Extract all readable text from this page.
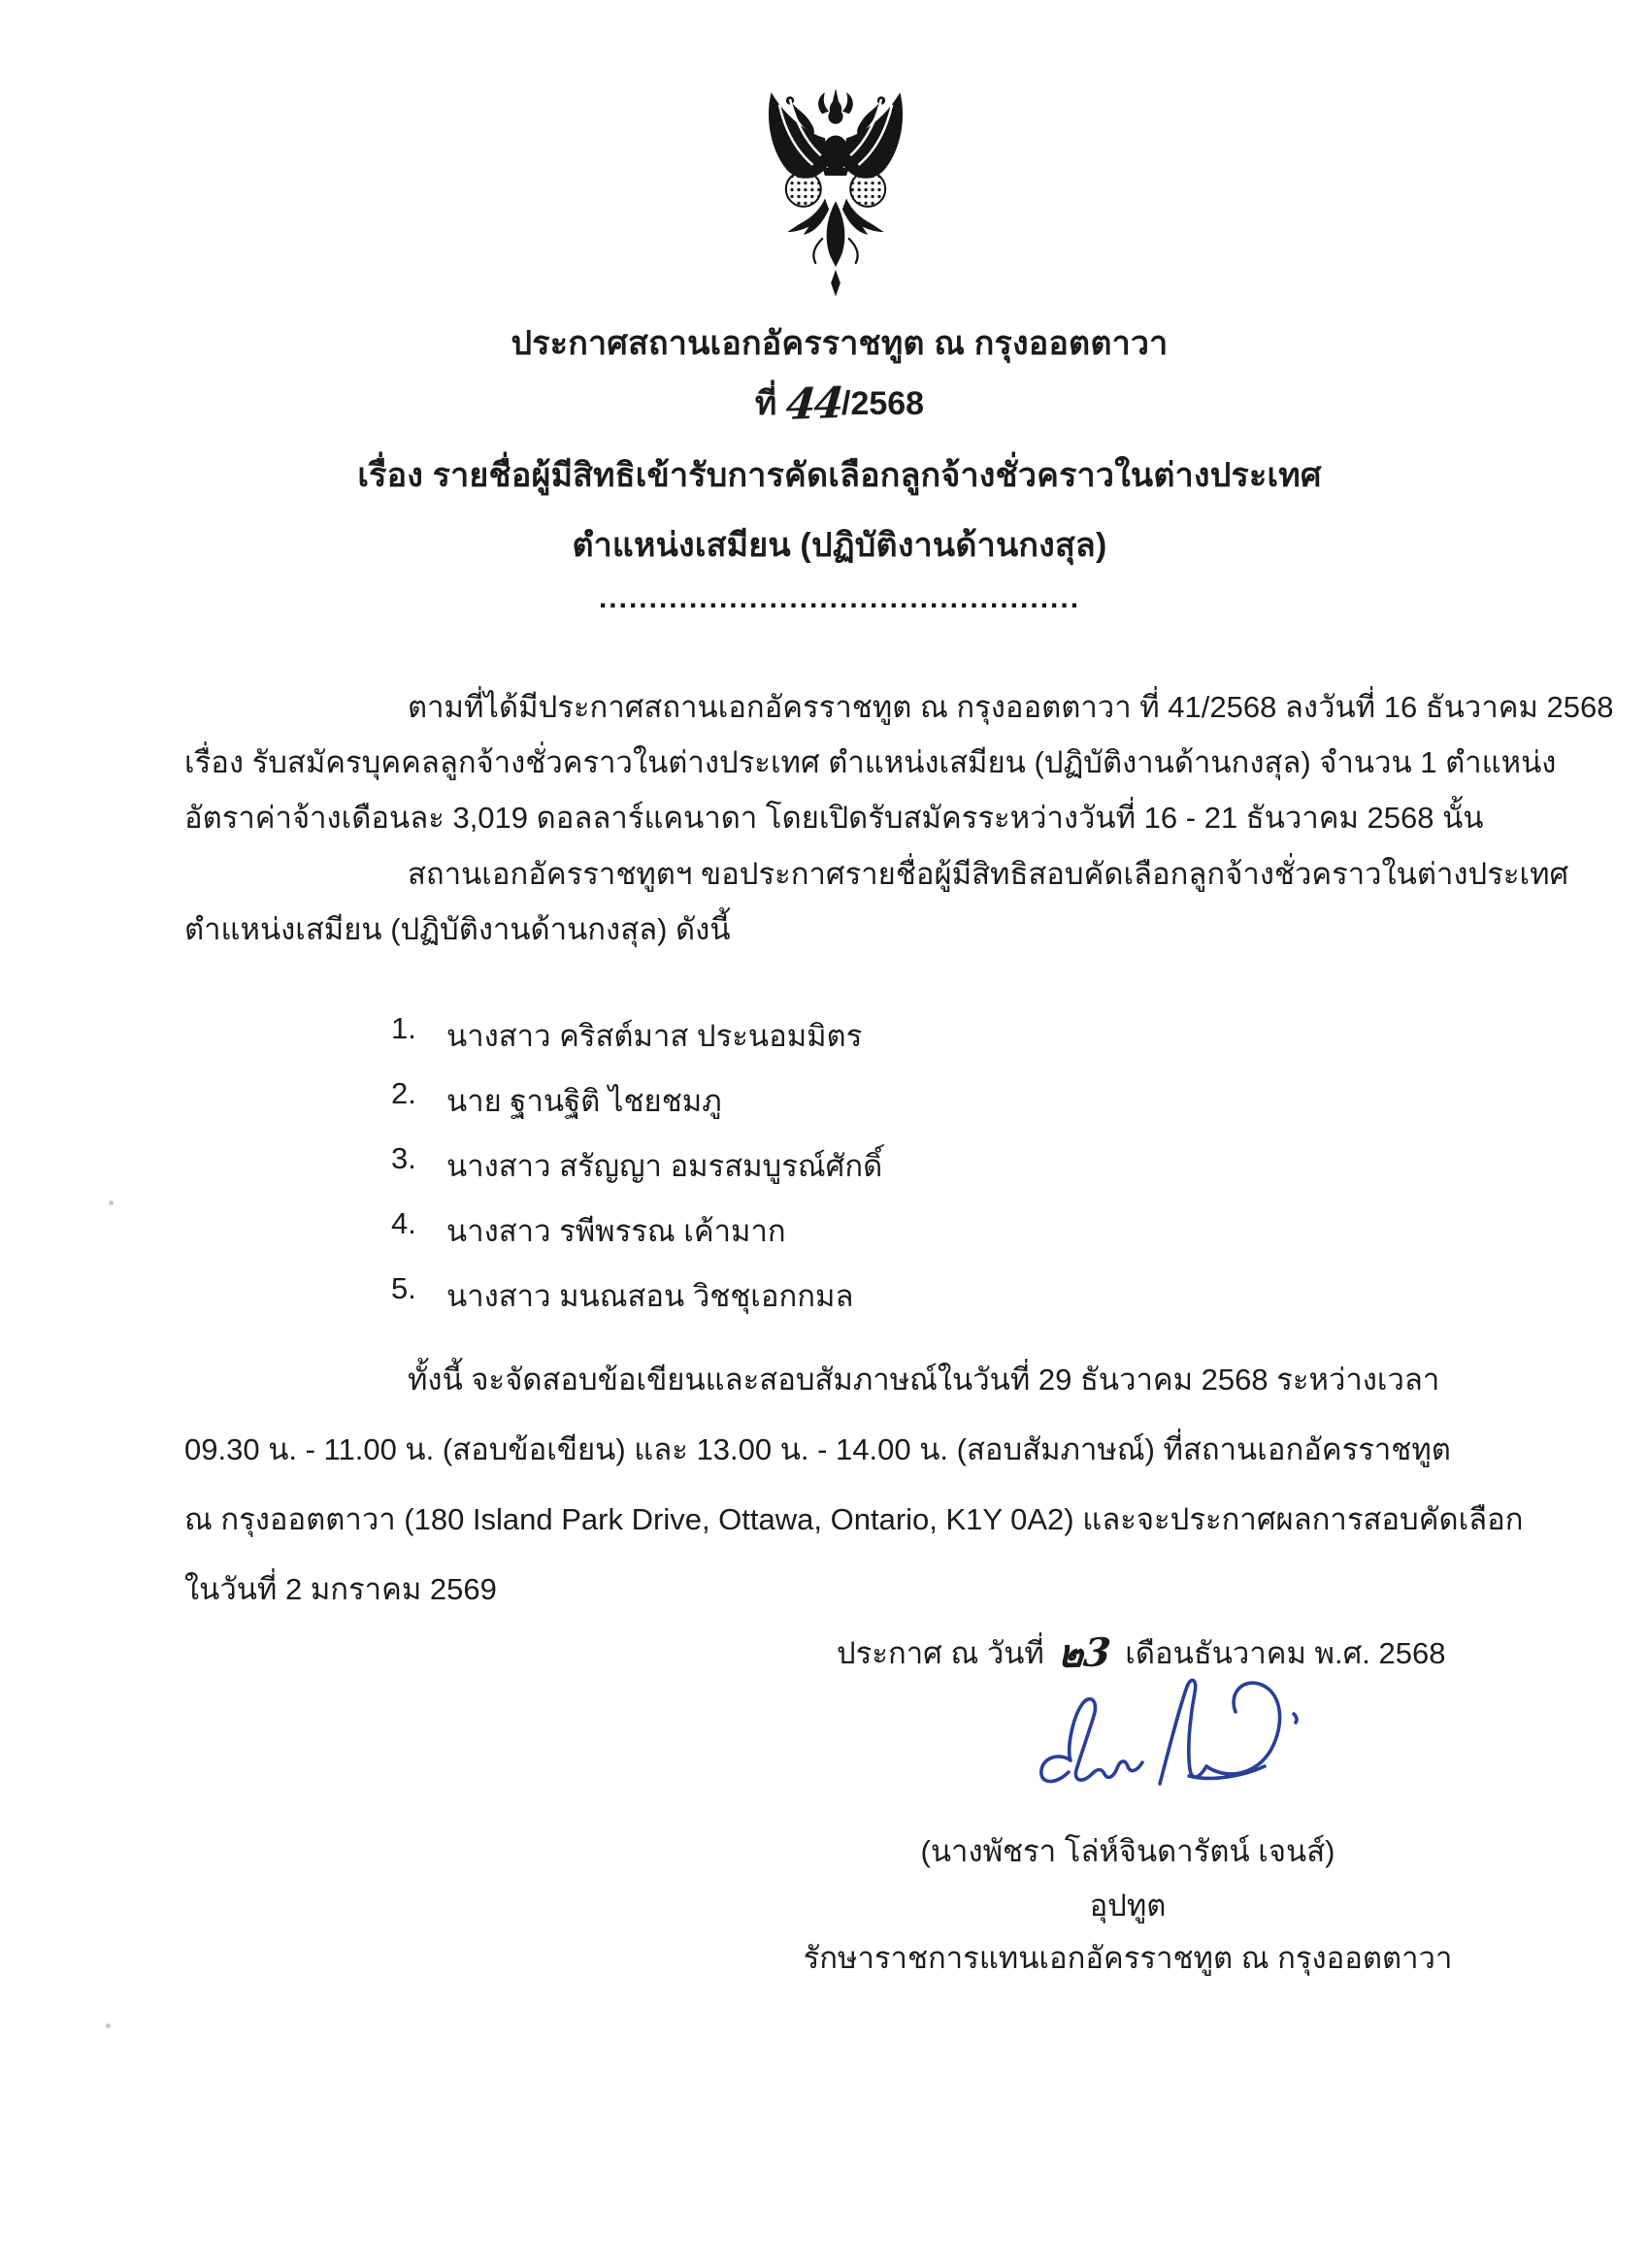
ประกาศสถานเอกอัครราชทูต ณ กรุงออตตาวา
ที่ 44/2568
เรื่อง รายชื่อผู้มีสิทธิเข้ารับการคัดเลือกลูกจ้างชั่วคราวในต่างประเทศ
ตำแหน่งเสมียน (ปฏิบัติงานด้านกงสุล)
................................................
ตามที่ได้มีประกาศสถานเอกอัครราชทูต ณ กรุงออตตาวา ที่ 41/2568 ลงวันที่ 16 ธันวาคม 2568
เรื่อง รับสมัครบุคคลลูกจ้างชั่วคราวในต่างประเทศ ตำแหน่งเสมียน (ปฏิบัติงานด้านกงสุล) จำนวน 1 ตำแหน่ง
อัตราค่าจ้างเดือนละ 3,019 ดอลลาร์แคนาดา โดยเปิดรับสมัครระหว่างวันที่ 16 - 21 ธันวาคม 2568 นั้น
สถานเอกอัครราชทูตฯ ขอประกาศรายชื่อผู้มีสิทธิสอบคัดเลือกลูกจ้างชั่วคราวในต่างประเทศ
ตำแหน่งเสมียน (ปฏิบัติงานด้านกงสุล) ดังนี้
1.	นางสาว คริสต์มาส ประนอมมิตร
2.	นาย ฐานฐิติ ไชยชมภู
3.	นางสาว สรัญญา อมรสมบูรณ์ศักดิ์
4.	นางสาว รพีพรรณ เค้ามาก
5.	นางสาว มนณสอน วิชชุเอกกมล
ทั้งนี้ จะจัดสอบข้อเขียนและสอบสัมภาษณ์ในวันที่ 29 ธันวาคม 2568 ระหว่างเวลา
09.30 น. - 11.00 น. (สอบข้อเขียน) และ 13.00 น. - 14.00 น. (สอบสัมภาษณ์) ที่สถานเอกอัครราชทูต
ณ กรุงออตตาวา (180 Island Park Drive, Ottawa, Ontario, K1Y 0A2) และจะประกาศผลการสอบคัดเลือก
ในวันที่ 2 มกราคม 2569
ประกาศ ณ วันที่ ๒3 เดือนธันวาคม พ.ศ. 2568
(นางพัชรา โล่ห์จินดารัตน์ เจนส์)
อุปทูต
รักษาราชการแทนเอกอัครราชทูต ณ กรุงออตตาวา
